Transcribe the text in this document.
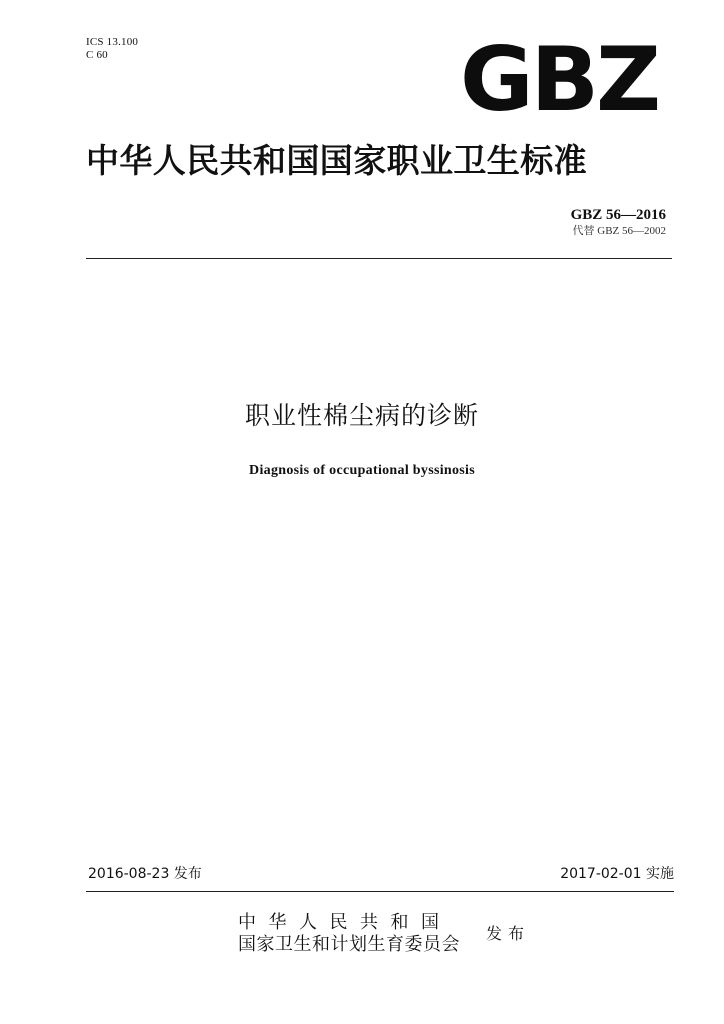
ICS 13.100
C 60	GBZ
中华人民共和国国家职业卫生标准
GBZ 56—2016
代替 GBZ 56—2002
职业性棉尘病的诊断
Diagnosis of occupational byssinosis
2016-08-23 发布	2017-02-01 实施
中华人民共和国
国家卫生和计划生育委员会
发布
